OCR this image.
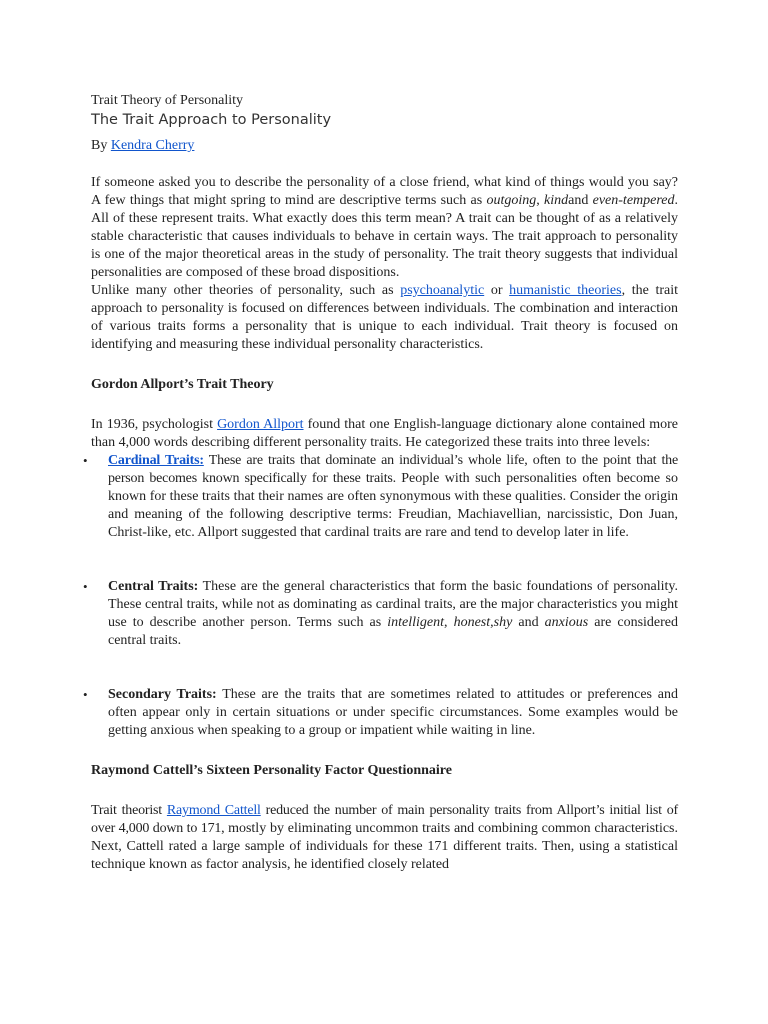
Trait Theory of Personality

The Trait Approach to Personality

By Kendra Cherry

If someone asked you to describe the personality of a close friend, what kind of things would you say? A few things that might spring to mind are descriptive terms such as outgoing, kindand even-tempered. All of these represent traits. What exactly does this term mean? A trait can be thought of as a relatively stable characteristic that causes individuals to behave in certain ways. The trait approach to personality is one of the major theoretical areas in the study of personality. The trait theory suggests that individual personalities are composed of these broad dispositions.

Unlike many other theories of personality, such as psychoanalytic or humanistic theories, the trait approach to personality is focused on differences between individuals. The combination and interaction of various traits forms a personality that is unique to each individual. Trait theory is focused on identifying and measuring these individual personality characteristics.

Gordon Allport’s Trait Theory

In 1936, psychologist Gordon Allport found that one English-language dictionary alone contained more than 4,000 words describing different personality traits. He categorized these traits into three levels:

• Cardinal Traits: These are traits that dominate an individual’s whole life, often to the point that the person becomes known specifically for these traits. People with such personalities often become so known for these traits that their names are often synonymous with these qualities. Consider the origin and meaning of the following descriptive terms: Freudian, Machiavellian, narcissistic, Don Juan, Christ-like, etc. Allport suggested that cardinal traits are rare and tend to develop later in life.
• Central Traits: These are the general characteristics that form the basic foundations of personality. These central traits, while not as dominating as cardinal traits, are the major characteristics you might use to describe another person. Terms such as intelligent, honest,shy and anxious are considered central traits.
• Secondary Traits: These are the traits that are sometimes related to attitudes or preferences and often appear only in certain situations or under specific circumstances. Some examples would be getting anxious when speaking to a group or impatient while waiting in line.
Raymond Cattell’s Sixteen Personality Factor Questionnaire

Trait theorist Raymond Cattell reduced the number of main personality traits from Allport’s initial list of over 4,000 down to 171, mostly by eliminating uncommon traits and combining common characteristics. Next, Cattell rated a large sample of individuals for these 171 different traits. Then, using a statistical technique known as factor analysis, he identified closely related
